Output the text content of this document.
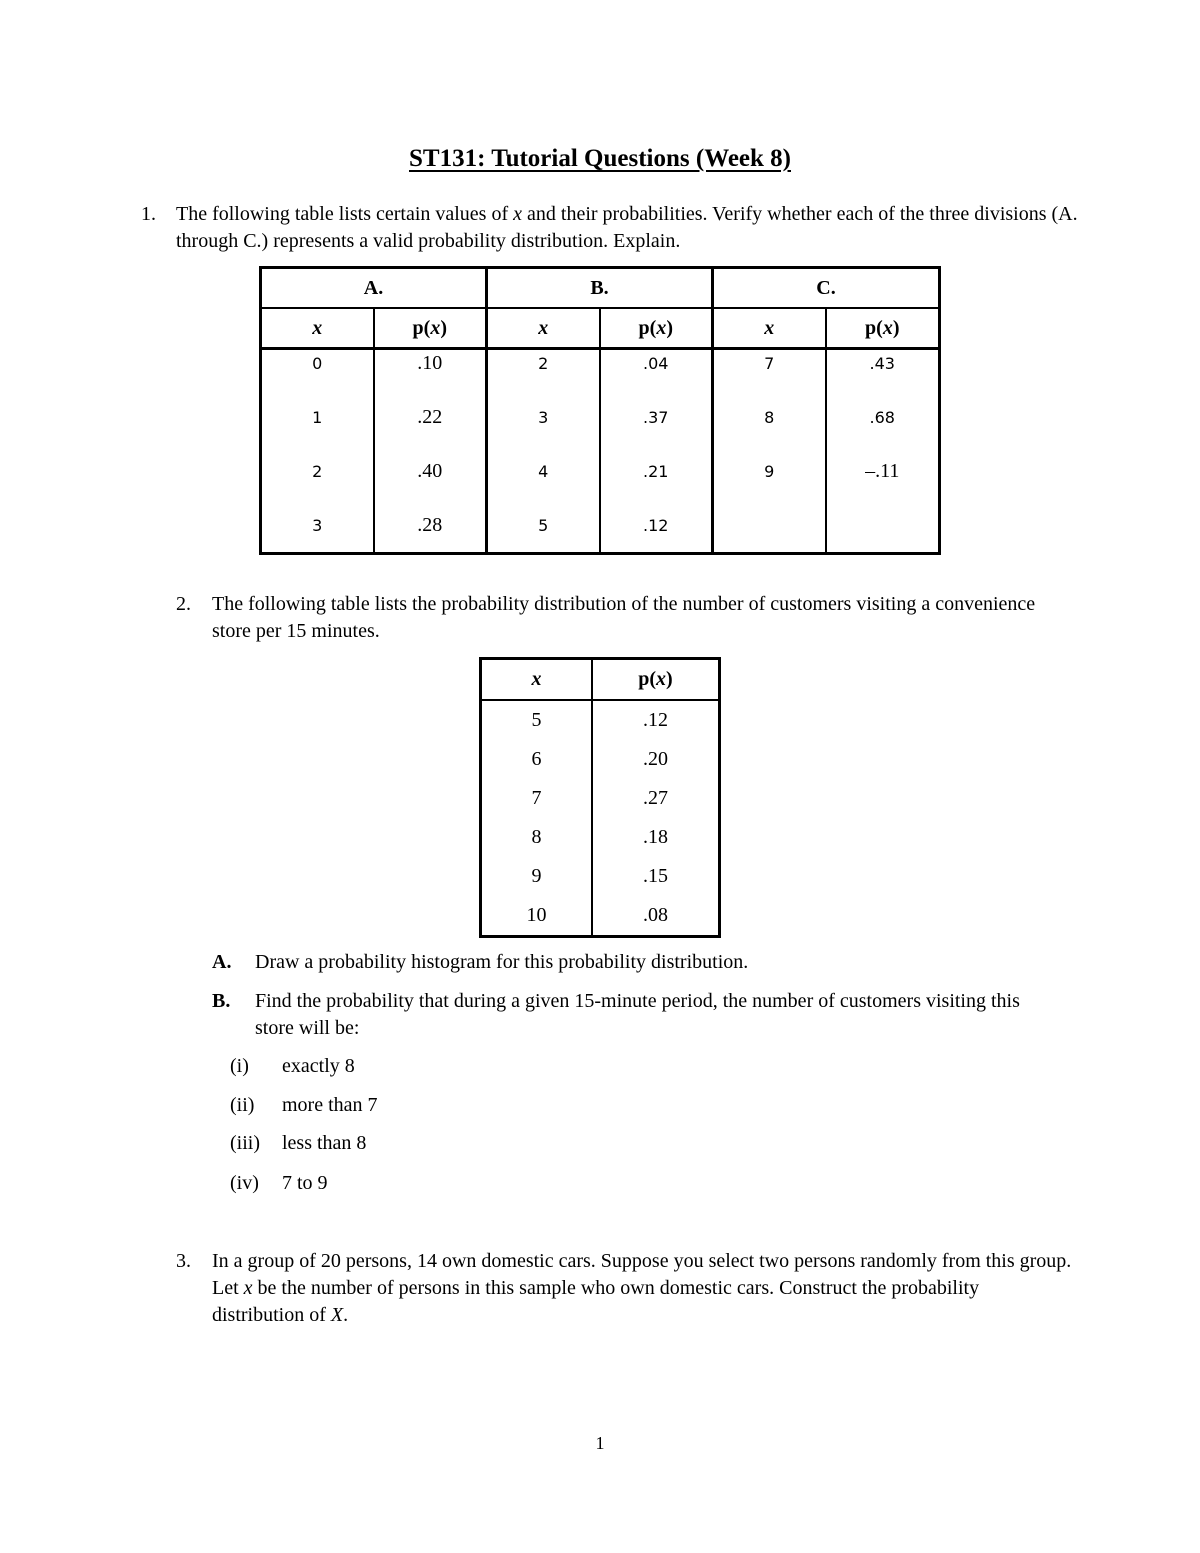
ST131: Tutorial Questions (Week 8)
1. The following table lists certain values of x and their probabilities. Verify whether each of the three divisions (A. through C.) represents a valid probability distribution. Explain.
A.		B.		C.	
x	p(x)	x	p(x)	x	p(x)
0	.10	2	.04	7	.43
1	.22	3	.37	8	.68
2	.40	4	.21	9	–.11
3	.28	5	.12		
2. The following table lists the probability distribution of the number of customers visiting a convenience store per 15 minutes.
x	p(x)
5	.12
6	.20
7	.27
8	.18
9	.15
10	.08
A. Draw a probability histogram for this probability distribution.
B. Find the probability that during a given 15-minute period, the number of customers visiting this store will be:
(i) exactly 8
(ii) more than 7
(iii) less than 8
(iv) 7 to 9
3. In a group of 20 persons, 14 own domestic cars. Suppose you select two persons randomly from this group. Let x be the number of persons in this sample who own domestic cars. Construct the probability distribution of X.
1
